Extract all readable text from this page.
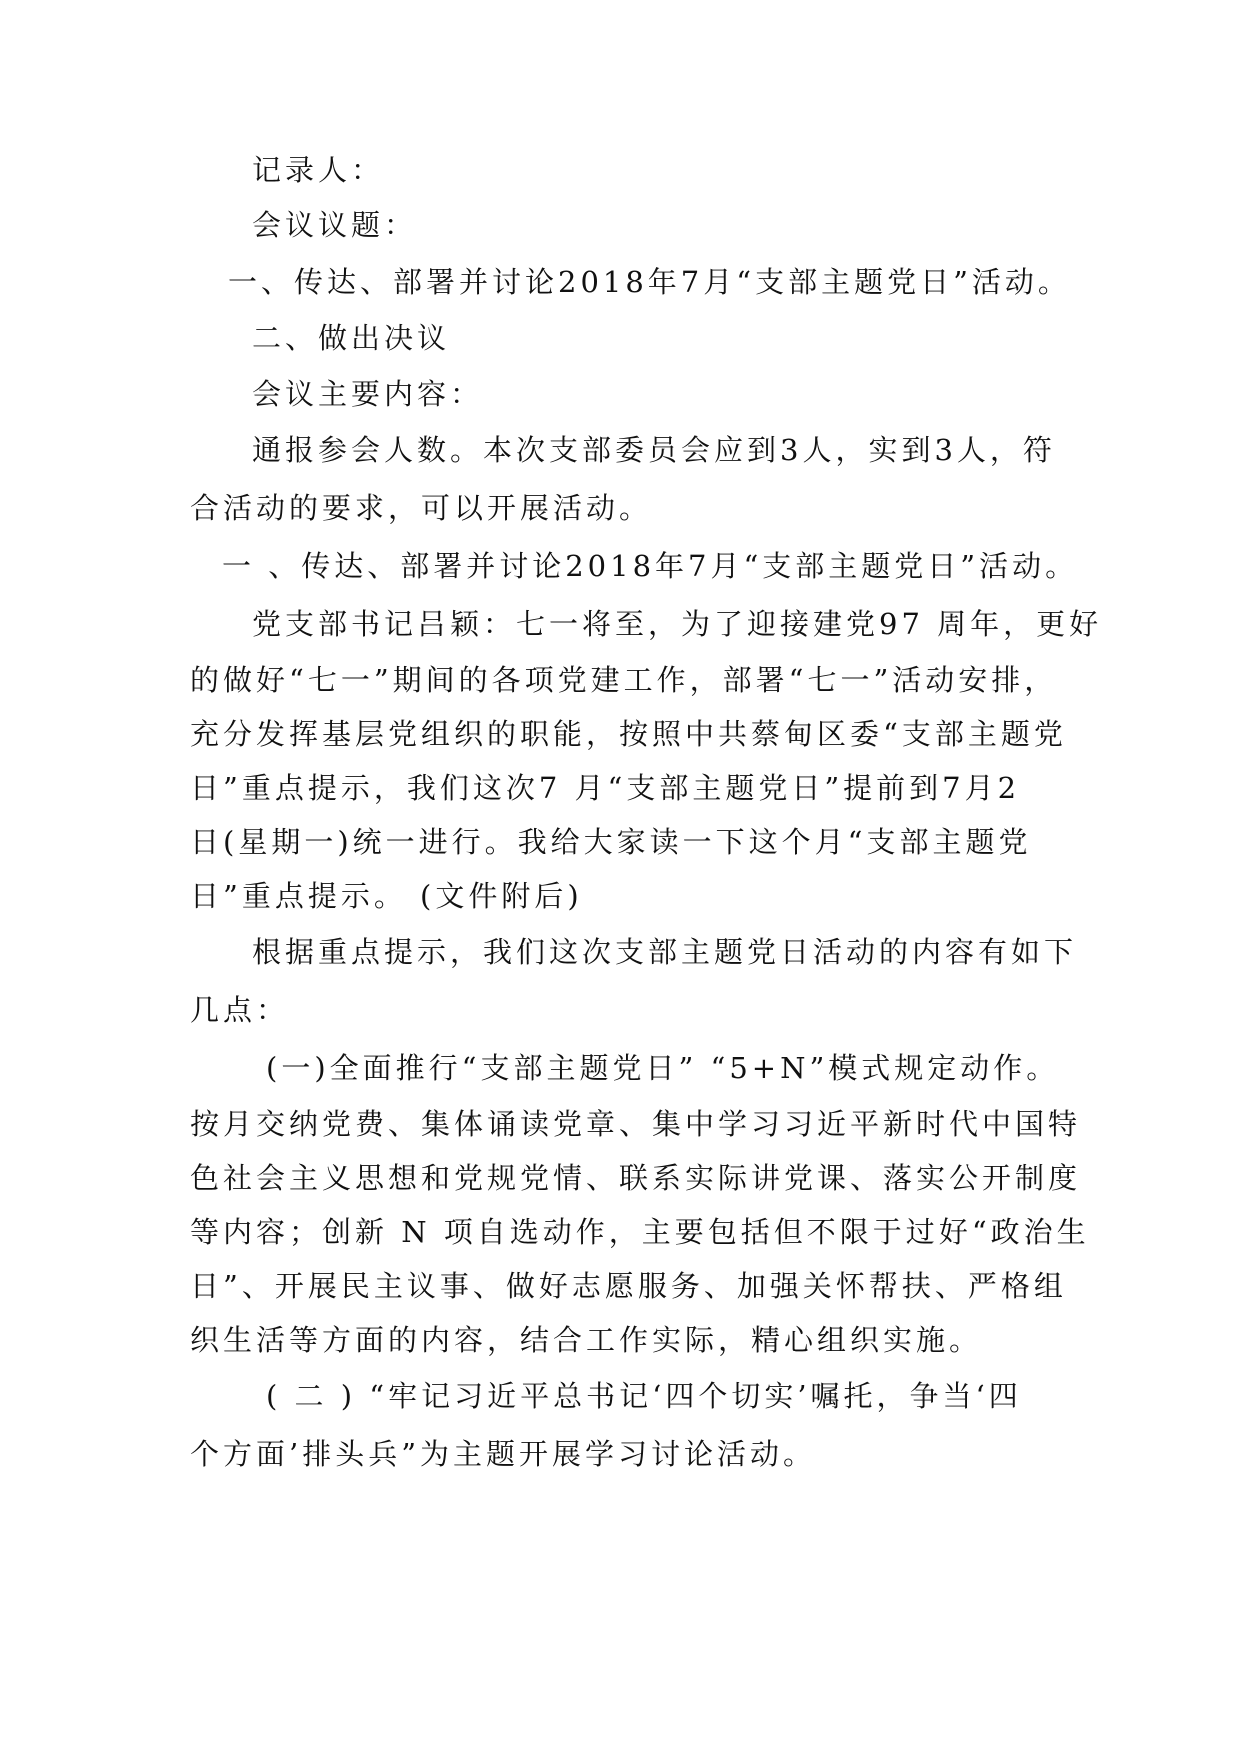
记录人：
会议议题：
一、传达、部署并讨论2018年7月“支部主题党日”活动。
二、做出决议
会议主要内容：
通报参会人数。本次支部委员会应到3人，实到3人，符
合活动的要求，可以开展活动。
一 、传达、部署并讨论2018年7月“支部主题党日”活动。
党支部书记吕颖：七一将至，为了迎接建党97 周年，更好
的做好“七一”期间的各项党建工作，部署“七一”活动安排，
充分发挥基层党组织的职能，按照中共蔡甸区委“支部主题党
日”重点提示，我们这次7 月“支部主题党日”提前到7月2
日(星期一)统一进行。我给大家读一下这个月“支部主题党
日”重点提示。 (文件附后)
根据重点提示，我们这次支部主题党日活动的内容有如下
几点：
(一)全面推行“支部主题党日” “5+N”模式规定动作。
按月交纳党费、集体诵读党章、集中学习习近平新时代中国特
色社会主义思想和党规党情、联系实际讲党课、落实公开制度
等内容；创新 N 项自选动作，主要包括但不限于过好“政治生
日”、开展民主议事、做好志愿服务、加强关怀帮扶、严格组
织生活等方面的内容，结合工作实际，精心组织实施。
( 二 ) “牢记习近平总书记‘四个切实’嘱托，争当‘四
个方面’排头兵”为主题开展学习讨论活动。
